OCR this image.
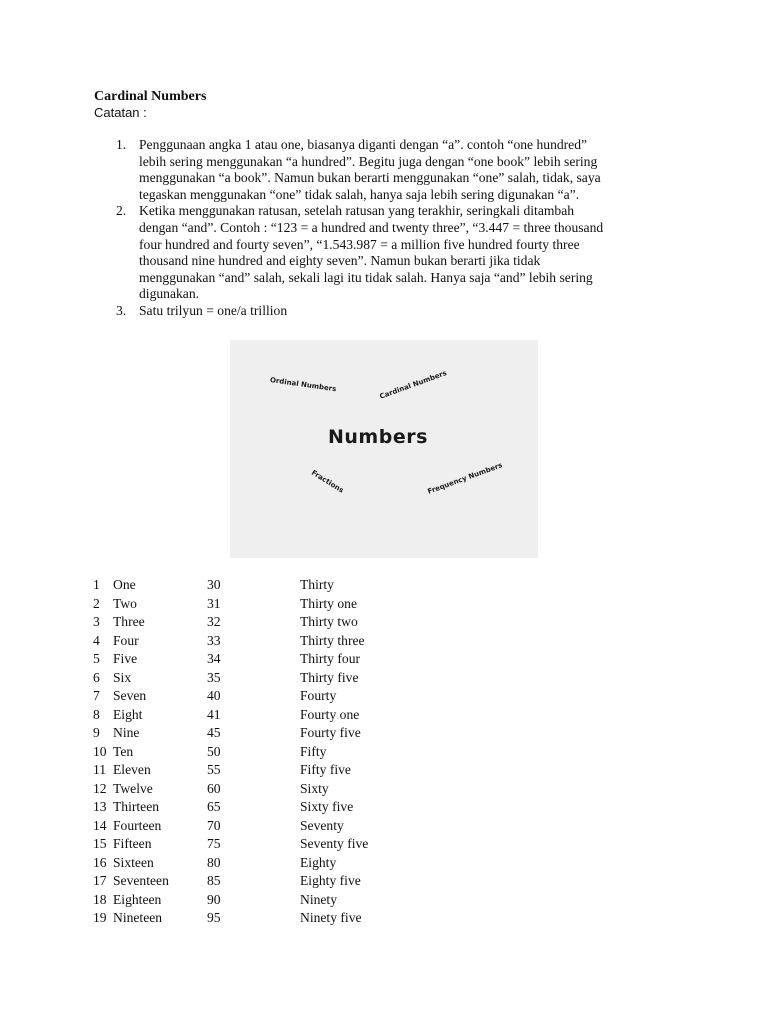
Cardinal Numbers
Catatan :
1. Penggunaan angka 1 atau one, biasanya diganti dengan “a”. contoh “one hundred”
lebih sering menggunakan “a hundred”. Begitu juga dengan “one book” lebih sering
menggunakan “a book”. Namun bukan berarti menggunakan “one” salah, tidak, saya
tegaskan menggunakan “one” tidak salah, hanya saja lebih sering digunakan “a”.
2. Ketika menggunakan ratusan, setelah ratusan yang terakhir, seringkali ditambah
dengan “and”. Contoh : “123 = a hundred and twenty three”, “3.447 = three thousand
four hundred and fourty seven”, “1.543.987 = a million five hundred fourty three
thousand nine hundred and eighty seven”. Namun bukan berarti jika tidak
menggunakan “and” salah, sekali lagi itu tidak salah. Hanya saja “and” lebih sering
digunakan.
3. Satu trilyun = one/a trillion
Ordinal Numbers	Cardinal Numbers
Numbers
Fractions	Frequency Numbers
1	One	30	Thirty
2	Two	31	Thirty one
3	Three	32	Thirty two
4	Four	33	Thirty three
5	Five	34	Thirty four
6	Six	35	Thirty five
7	Seven	40	Fourty
8	Eight	41	Fourty one
9	Nine	45	Fourty five
10	Ten	50	Fifty
11	Eleven	55	Fifty five
12	Twelve	60	Sixty
13	Thirteen	65	Sixty five
14	Fourteen	70	Seventy
15	Fifteen	75	Seventy five
16	Sixteen	80	Eighty
17	Seventeen	85	Eighty five
18	Eighteen	90	Ninety
19	Nineteen	95	Ninety five
